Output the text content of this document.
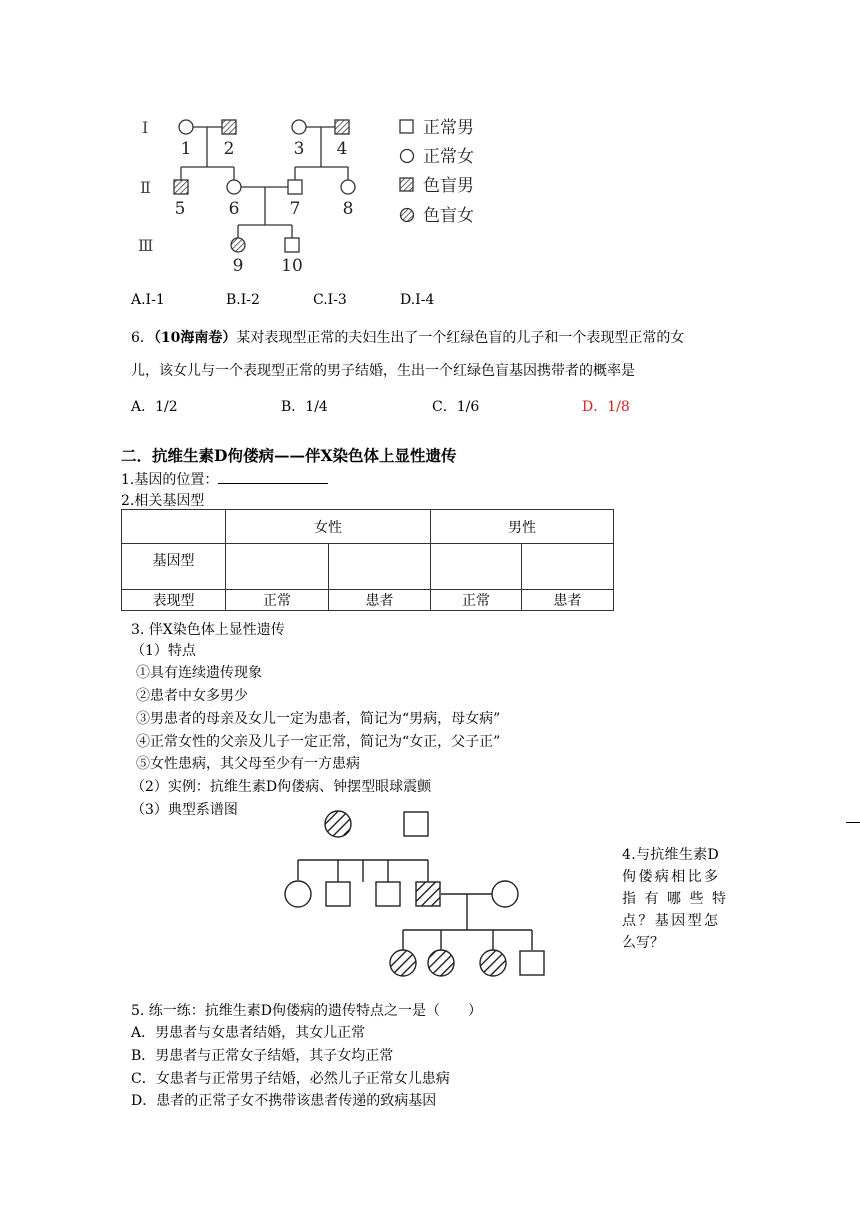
Ⅰ
Ⅱ
Ⅲ
1 2	3 4
5	6	7 8
9 10
正常男
正常女
色盲男
色盲女
A.Ⅰ-1	B.Ⅰ-2	C.Ⅰ-3	D.Ⅰ-4
6．（10海南卷）某对表现型正常的夫妇生出了一个红绿色盲的儿子和一个表现型正常的女
儿，该女儿与一个表现型正常的男子结婚，生出一个红绿色盲基因携带者的概率是
A．1/2	B．1/4	C．1/6	D．1/8
二．抗维生素D佝偻病——伴X染色体上显性遗传
1.基因的位置：
2.相关基因型
	女性		男性	
基因型				
表现型	正常	患者	正常	患者
3. 伴X染色体上显性遗传
（1）特点
①具有连续遗传现象
②患者中女多男少
③男患者的母亲及女儿一定为患者，简记为“男病，母女病”
④正常女性的父亲及儿子一定正常，简记为“女正，父子正”
⑤女性患病，其父母至少有一方患病
（2）实例：抗维生素D佝偻病、钟摆型眼球震颤
（3）典型系谱图
4.与抗维生素D
佝偻病相比多
指有哪些特
点？基因型怎
么写？
5. 练一练：抗维生素D佝偻病的遗传特点之一是（　　）
A．男患者与女患者结婚，其女儿正常
B．男患者与正常女子结婚，其子女均正常
C．女患者与正常男子结婚，必然儿子正常女儿患病
D．患者的正常子女不携带该患者传递的致病基因
